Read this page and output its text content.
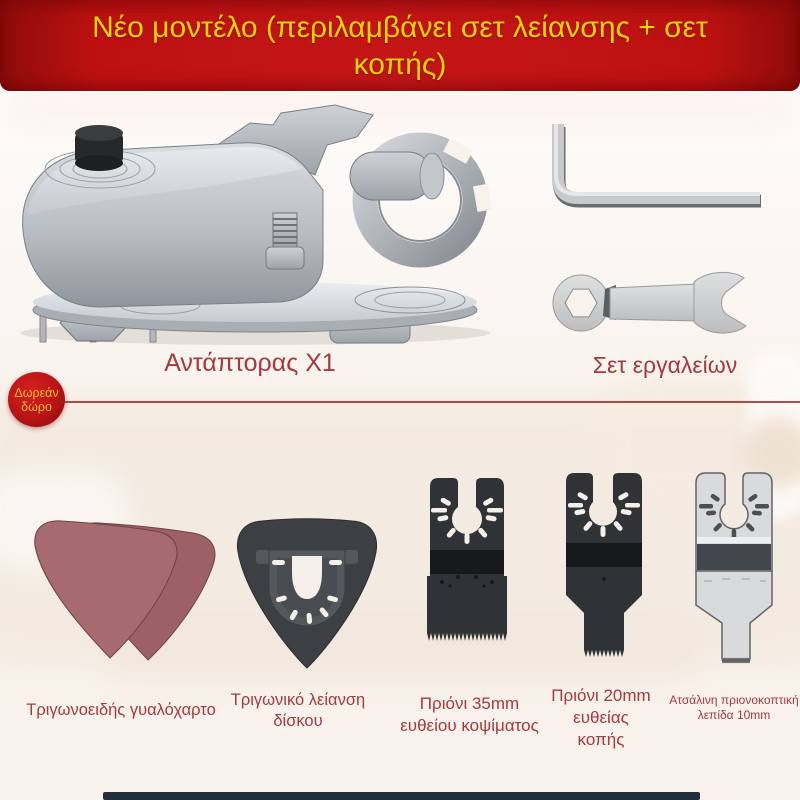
Νέο μοντέλο (περιλαμβάνει σετ λείανσης + σετ κοπής)
Αντάπτορας X1	Σετ εργαλείων
Δωρεάν
δώρο
Τριγωνοειδής γυαλόχαρτο
Τριγωνικό λείανση δίσκου
Πριόνι 35mm ευθείου κοψίματος
Πριόνι 20mm ευθείας κοπής
Ατσάλινη πριονοκοπτική λεπίδα 10mm
